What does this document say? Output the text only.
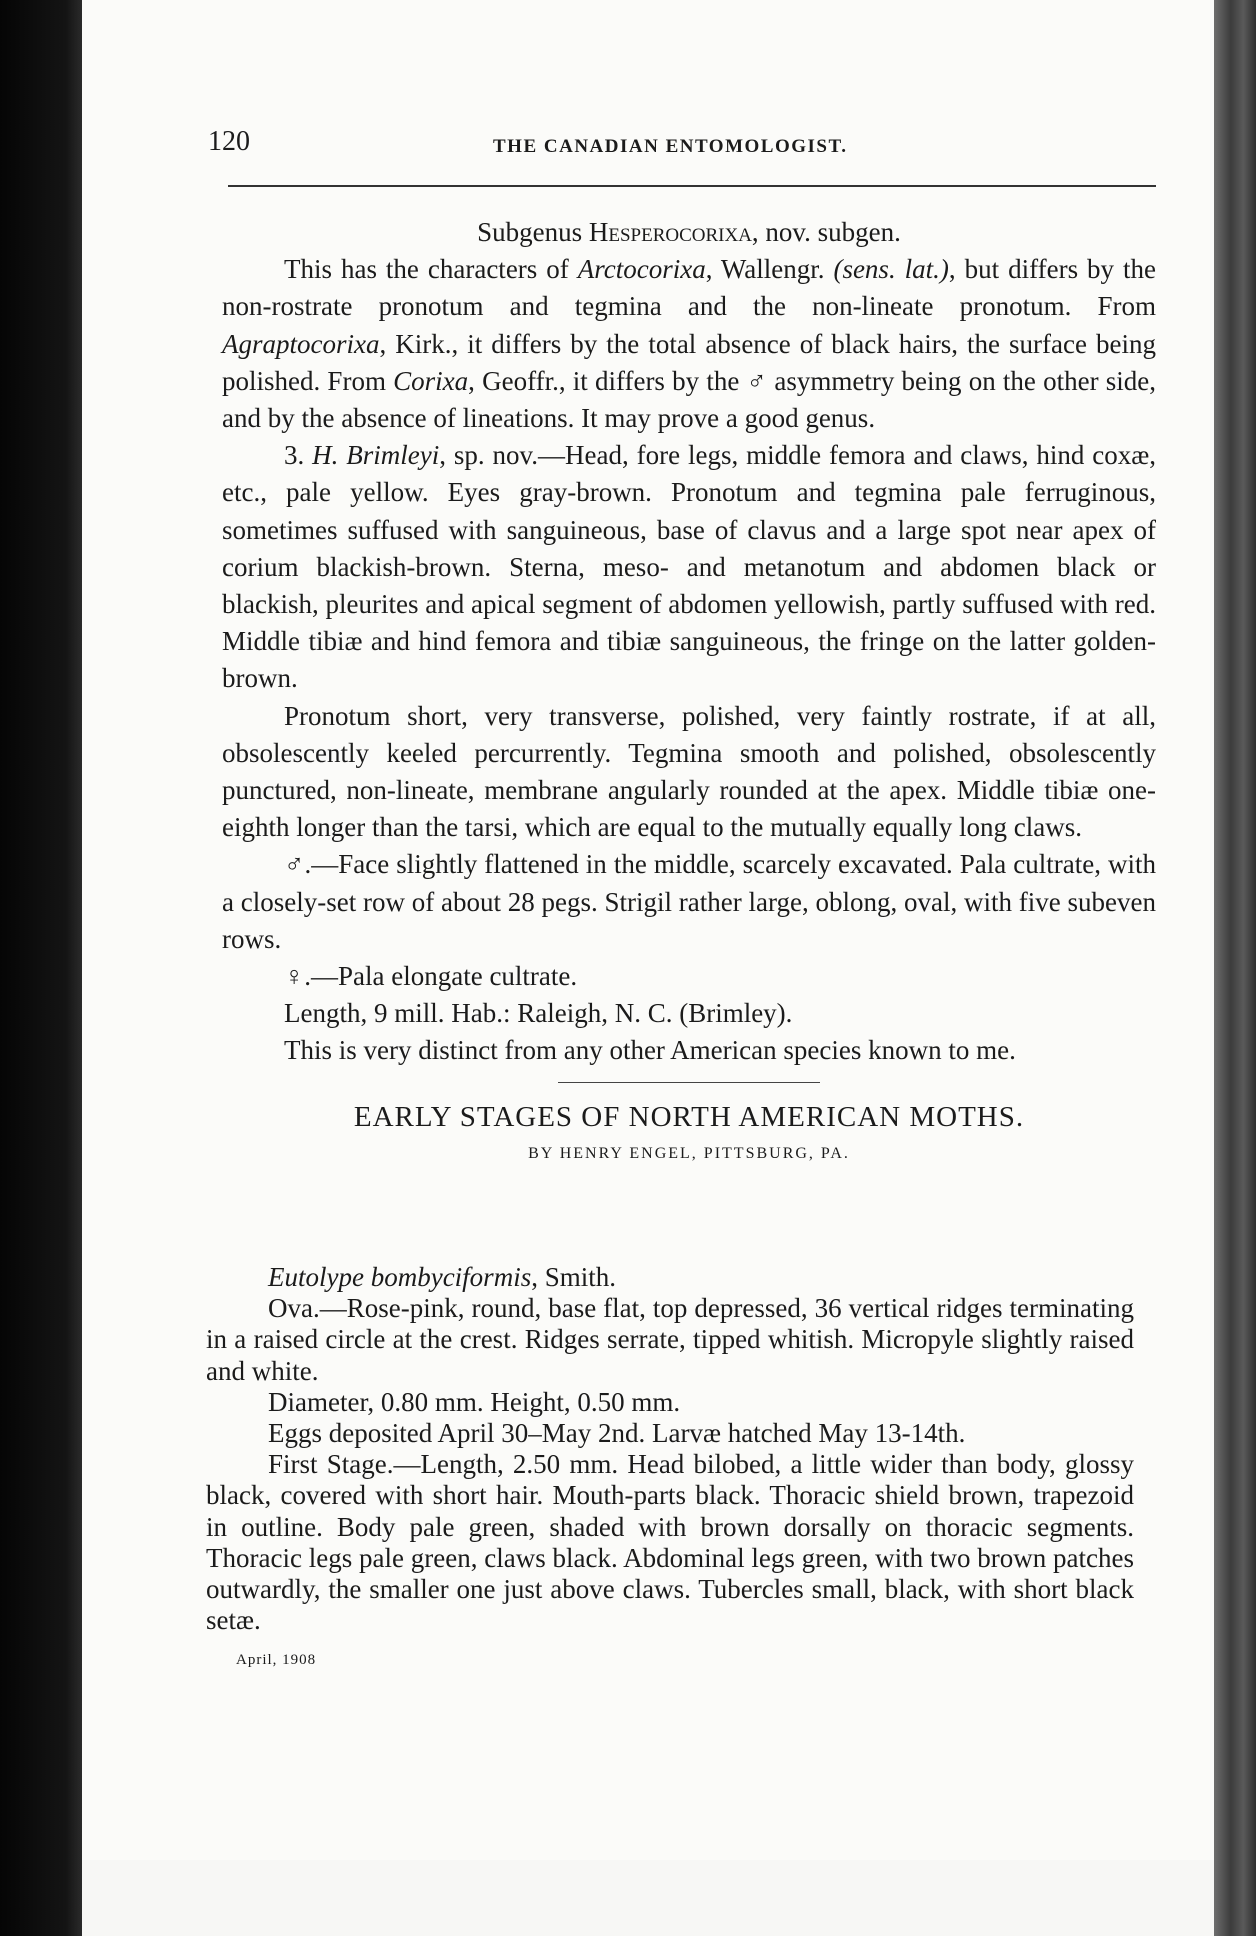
120	THE CANADIAN ENTOMOLOGIST.

Subgenus Hesperocorixa, nov. subgen.

This has the characters of Arctocorixa, Wallengr. (sens. lat.), but differs by the non-rostrate pronotum and tegmina and the non-lineate pronotum. From Agraptocorixa, Kirk., it differs by the total absence of black hairs, the surface being polished. From Corixa, Geoffr., it differs by the ♂ asymmetry being on the other side, and by the absence of lineations. It may prove a good genus.

3. H. Brimleyi, sp. nov.—Head, fore legs, middle femora and claws, hind coxæ, etc., pale yellow. Eyes gray-brown. Pronotum and tegmina pale ferruginous, sometimes suffused with sanguineous, base of clavus and a large spot near apex of corium blackish-brown. Sterna, meso- and metanotum and abdomen black or blackish, pleurites and apical segment of abdomen yellowish, partly suffused with red. Middle tibiæ and hind femora and tibiæ sanguineous, the fringe on the latter golden-brown.

Pronotum short, very transverse, polished, very faintly rostrate, if at all, obsolescently keeled percurrently. Tegmina smooth and polished, obsolescently punctured, non-lineate, membrane angularly rounded at the apex. Middle tibiæ one-eighth longer than the tarsi, which are equal to the mutually equally long claws.

♂.—Face slightly flattened in the middle, scarcely excavated. Pala cultrate, with a closely-set row of about 28 pegs. Strigil rather large, oblong, oval, with five subeven rows.

♀.—Pala elongate cultrate.

Length, 9 mill. Hab.: Raleigh, N. C. (Brimley).

This is very distinct from any other American species known to me.

EARLY STAGES OF NORTH AMERICAN MOTHS.

BY HENRY ENGEL, PITTSBURG, PA.

Eutolype bombyciformis, Smith.

Ova.—Rose-pink, round, base flat, top depressed, 36 vertical ridges terminating in a raised circle at the crest. Ridges serrate, tipped whitish. Micropyle slightly raised and white.

Diameter, 0.80 mm. Height, 0.50 mm.

Eggs deposited April 30–May 2nd. Larvæ hatched May 13-14th.

First Stage.—Length, 2.50 mm. Head bilobed, a little wider than body, glossy black, covered with short hair. Mouth-parts black. Thoracic shield brown, trapezoid in outline. Body pale green, shaded with brown dorsally on thoracic segments. Thoracic legs pale green, claws black. Abdominal legs green, with two brown patches outwardly, the smaller one just above claws. Tubercles small, black, with short black setæ.

April, 1908
